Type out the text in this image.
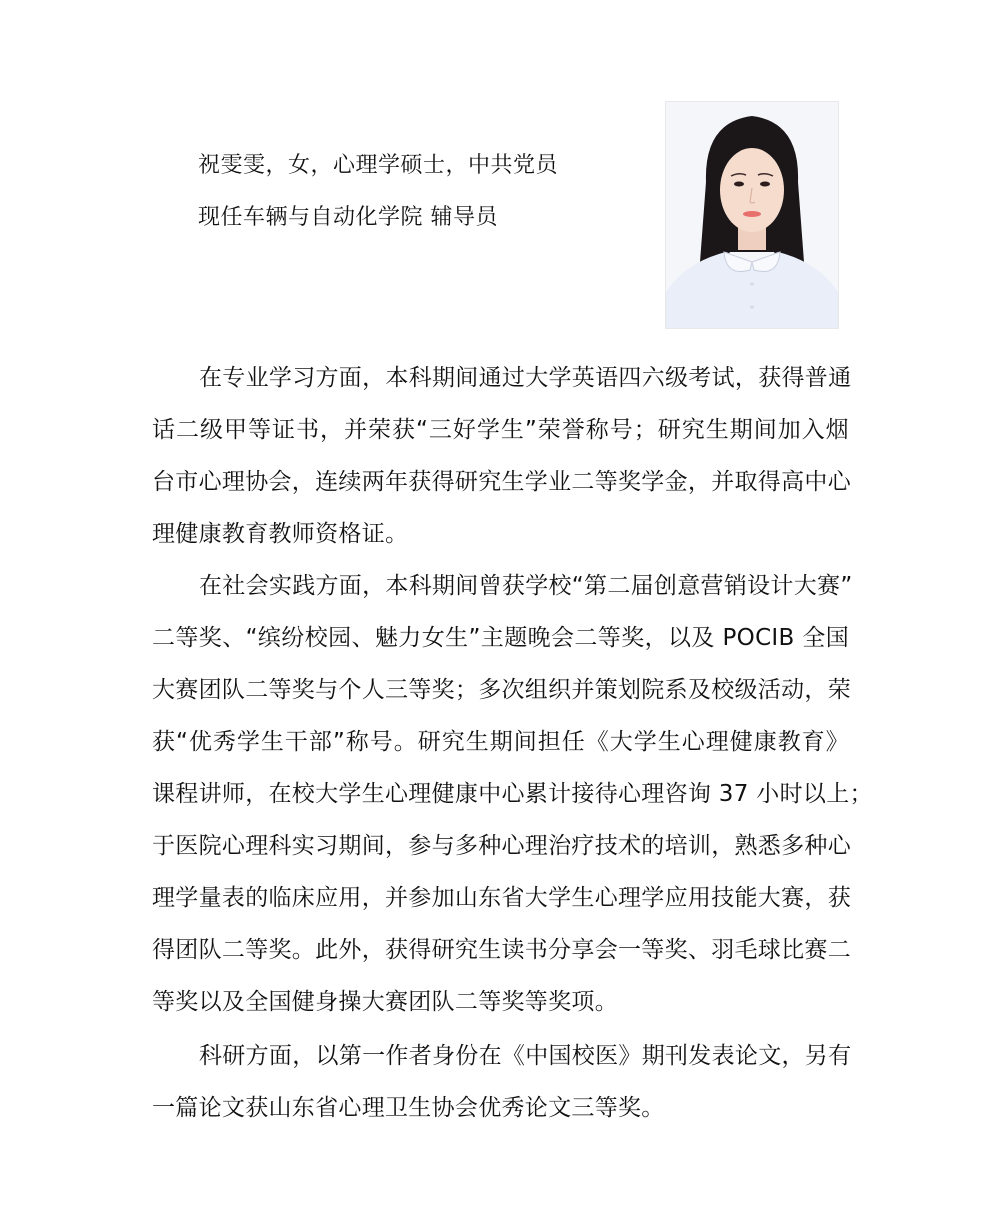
祝雯雯，女，心理学硕士，中共党员
现任车辆与自动化学院 辅导员
在专业学习方面，本科期间通过大学英语四六级考试，获得普通
话二级甲等证书，并荣获“三好学生”荣誉称号；研究生期间加入烟
台市心理协会，连续两年获得研究生学业二等奖学金，并取得高中心
理健康教育教师资格证。
在社会实践方面，本科期间曾获学校“第二届创意营销设计大赛”
二等奖、“缤纷校园、魅力女生”主题晚会二等奖，以及 POCIB 全国
大赛团队二等奖与个人三等奖；多次组织并策划院系及校级活动，荣
获“优秀学生干部”称号。研究生期间担任《大学生心理健康教育》
课程讲师，在校大学生心理健康中心累计接待心理咨询 37 小时以上；
于医院心理科实习期间，参与多种心理治疗技术的培训，熟悉多种心
理学量表的临床应用，并参加山东省大学生心理学应用技能大赛，获
得团队二等奖。此外，获得研究生读书分享会一等奖、羽毛球比赛二
等奖以及全国健身操大赛团队二等奖等奖项。
科研方面，以第一作者身份在《中国校医》期刊发表论文，另有
一篇论文获山东省心理卫生协会优秀论文三等奖。
